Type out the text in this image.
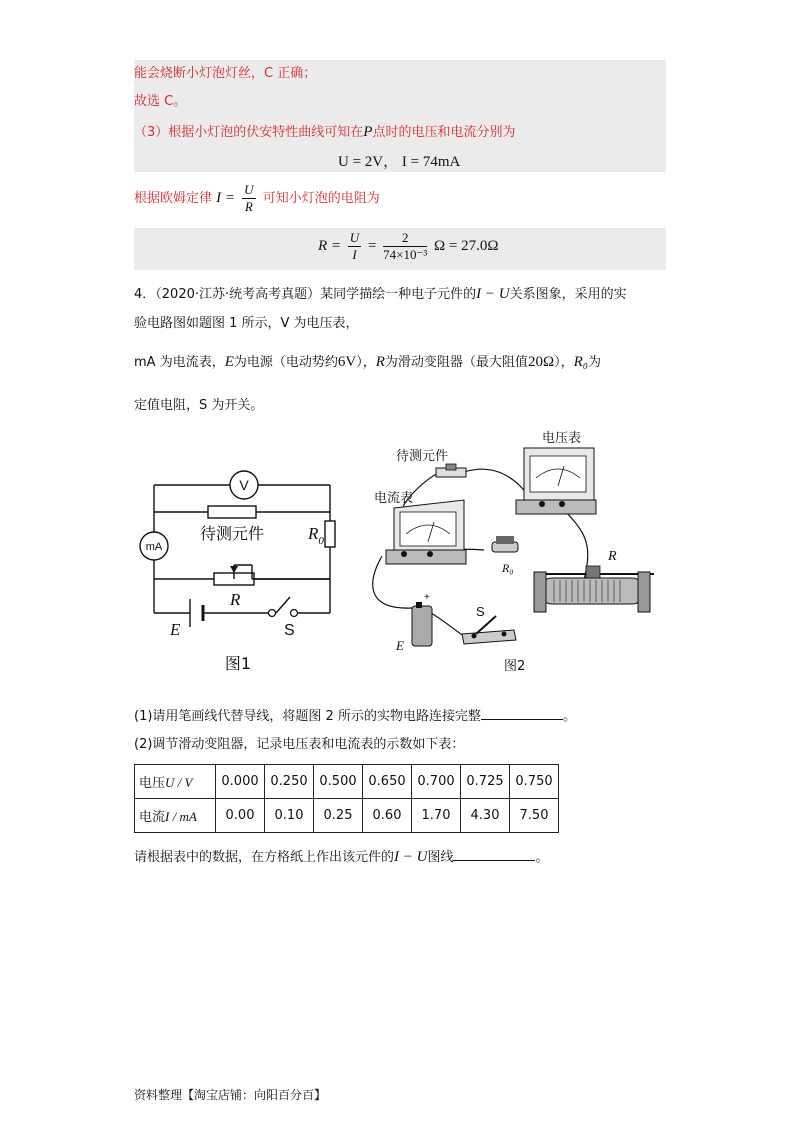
能会烧断小灯泡灯丝，C 正确；
故选 C。
（3）根据小灯泡的伏安特性曲线可知在P点时的电压和电流分别为
U = 2V， I = 74mA
根据欧姆定律 $I = \frac{U}{R}$ 可知小灯泡的电阻为
$R = \frac{U}{I} = \frac{2}{\text{74×10⁻³}}$ Ω = 27.0Ω
4．（2020·江苏·统考高考真题）某同学描绘一种电子元件的I − U关系图象，采用的实
验电路图如题图 1 所示，V 为电压表，
mA 为电流表，E为电源（电动势约6V），R为滑动变阻器（最大阻值20Ω），R₀为
定值电阻，S 为开关。
V
mA
待测元件	$R_0$
R
E	S
图1
待测元件
电压表
电流表
R₀
R
S
+
E
图2
(1)请用笔画线代替导线，将题图 2 所示的实物电路连接完整	。
(2)调节滑动变阻器，记录电压表和电流表的示数如下表：
电压U / V	0.000	0.250	0.500	0.650	0.700	0.725	0.750
电流I / mA	0.00	0.10	0.25	0.60	1.70	4.30	7.50
请根据表中的数据，在方格纸上作出该元件的I − U图线	。
资料整理【淘宝店铺：向阳百分百】
